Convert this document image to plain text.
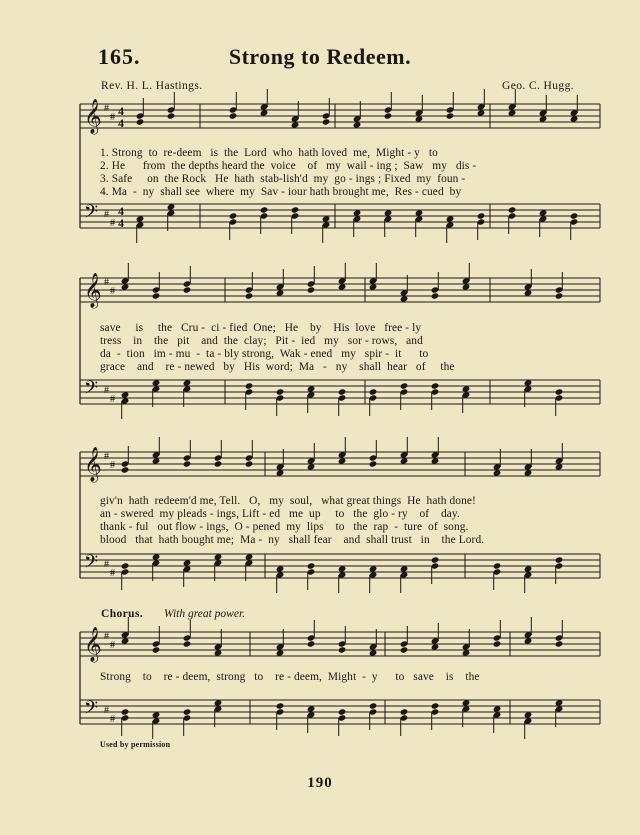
165.	Strong to Redeem.
Rev. H. L. Hastings.	Geo. C. Hugg.
𝄞
𝄢
#
#
#
#
4
4
4
4
𝄞
𝄢
#
#
#
#
𝄞
𝄢
#
#
#
#
𝄞
𝄢
#
#
#
#
1. Strong  to  re-deem   is  the  Lord  who  hath loved  me,  Might - y   to
2. He      from  the depths heard the  voice    of   my  wail - ing ;  Saw   my   dis -
3. Safe     on  the Rock   He  hath  stab-lish'd  my  go - ings ; Fixed  my  foun -
4. Ma  -  ny  shall see  where  my  Sav - iour hath brought me,  Res - cued  by
save     is     the   Cru -  ci - fied  One;   He    by    His  love   free - ly
tress    in    the   pit    and  the  clay;   Pit -  ied   my   sor - rows,   and
da  -  tion   im - mu  -  ta - bly strong,  Wak - ened   my   spir -  it      to
grace    and    re - newed   by   His  word;  Ma   -   ny    shall  hear   of     the
giv'n  hath  redeem'd me, Tell.   O,   my  soul,   what great things  He  hath done!
an - swered  my pleads - ings, Lift - ed   me  up     to   the  glo - ry    of    day.
thank - ful   out flow - ings,  O - pened  my  lips    to   the  rap  -  ture  of  song.
blood   that  hath bought me;  Ma -  ny   shall fear    and  shall trust   in    the Lord.
Chorus. With great power.
Strong    to    re - deem,  strong   to    re - deem,  Might  -  y      to   save    is    the
Used by permission
190
